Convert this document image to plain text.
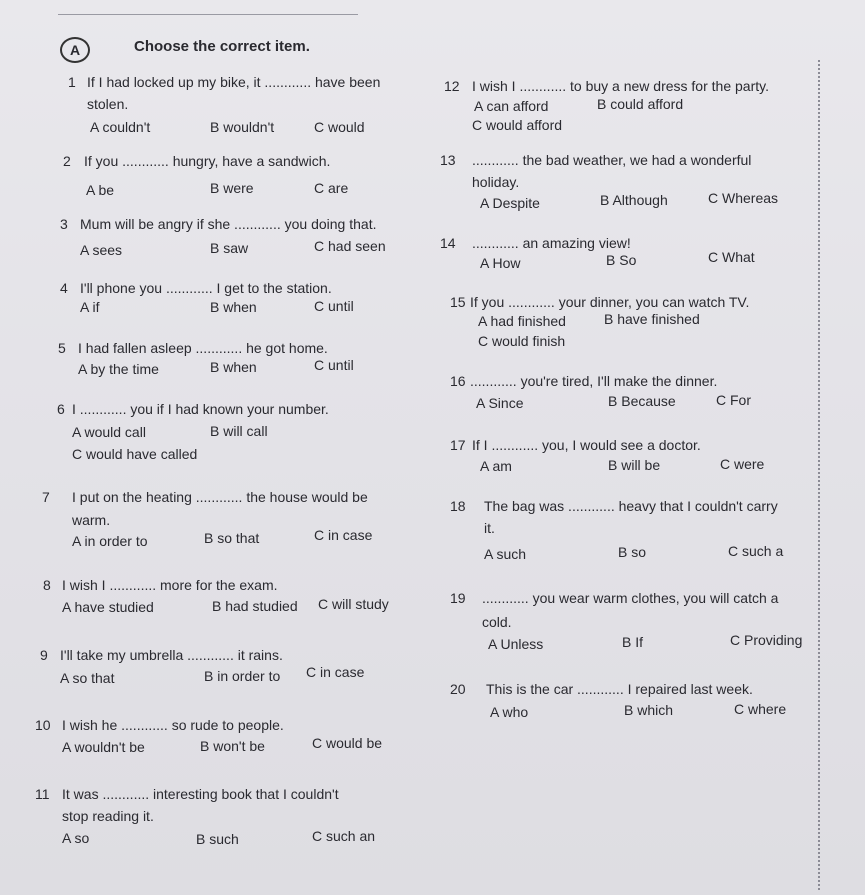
A	Choose the correct item.
1 If I had locked up my bike, it ............ have been
stolen.
A couldn't	B wouldn't	C would
2 If you ............ hungry, have a sandwich.
A be	B were	C are
3 Mum will be angry if she ............ you doing that.
A sees	B saw	C had seen
4 I'll phone you ............ I get to the station.
A if	B when	C until
5 I had fallen asleep ............ he got home.
A by the time	B when	C until
6 I ............ you if I had known your number.
A would call	B will call
C would have called
7 I put on the heating ............ the house would be
warm.
A in order to	B so that	C in case
8 I wish I ............ more for the exam.
A have studied	B had studied C will study
9 I'll take my umbrella ............ it rains.
A so that	B in order to C in case
10 I wish he ............ so rude to people.
A wouldn't be	B won't be	C would be
11 It was ............ interesting book that I couldn't
stop reading it.
A so	B such	C such an
12 I wish I ............ to buy a new dress for the party.
A can afford	B could afford
C would afford
13 ............ the bad weather, we had a wonderful
holiday.
A Despite	B Although	C Whereas
14 ............ an amazing view!
A How	B So	C What
15 If you ............ your dinner, you can watch TV.
A had finished	B have finished
C would finish
16 ............ you're tired, I'll make the dinner.
A Since	B Because	C For
17 If I ............ you, I would see a doctor.
A am	B will be	C were
18 The bag was ............ heavy that I couldn't carry
it.
A such	B so	C such a
19 ............ you wear warm clothes, you will catch a
cold.
A Unless	B If	C Providing
20 This is the car ............ I repaired last week.
A who	B which	C where
